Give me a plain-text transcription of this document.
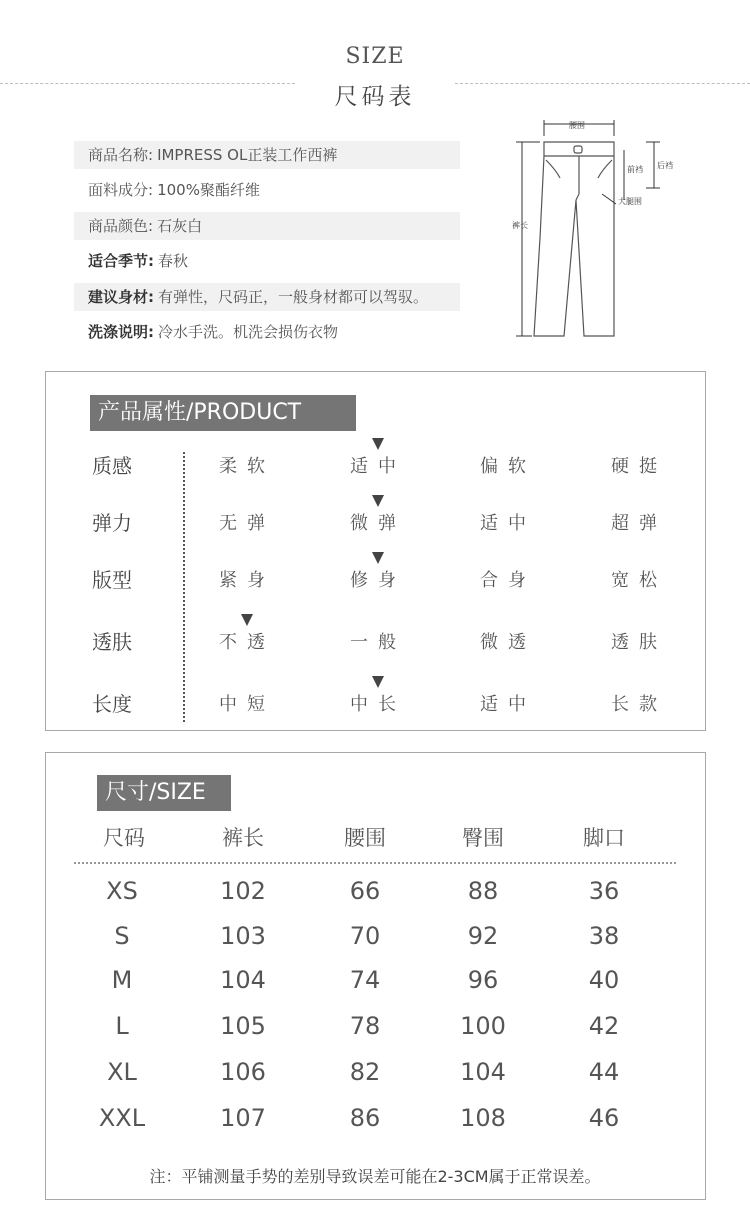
SIZE
尺码表
商品名称: IMPRESS OL正装工作西裤
面料成分: 100%聚酯纤维
商品颜色: 石灰白
适合季节: 春秋
建议身材: 有弹性，尺码正，一般身材都可以驾驭。
洗涤说明: 冷水手洗。机洗会损伤衣物
腰围
前裆 后裆
大腿围
裤长
产品属性/PRODUCT
质感	柔软	适中	偏软	硬挺
弹力	无弹	微弹	适中	超弹
版型	紧身	修身	合身	宽松
透肤	不透	一般	微透	透肤
长度	中短	中长	适中	长款
尺寸/SIZE
尺码	裤长	腰围	臀围	脚口
XS	102	66	88	36
S	103	70	92	38
M	104	74	96	40
L	105	78	100	42
XL	106	82	104	44
XXL	107	86	108	46
注：平铺测量手势的差别导致误差可能在2-3CM属于正常误差。
